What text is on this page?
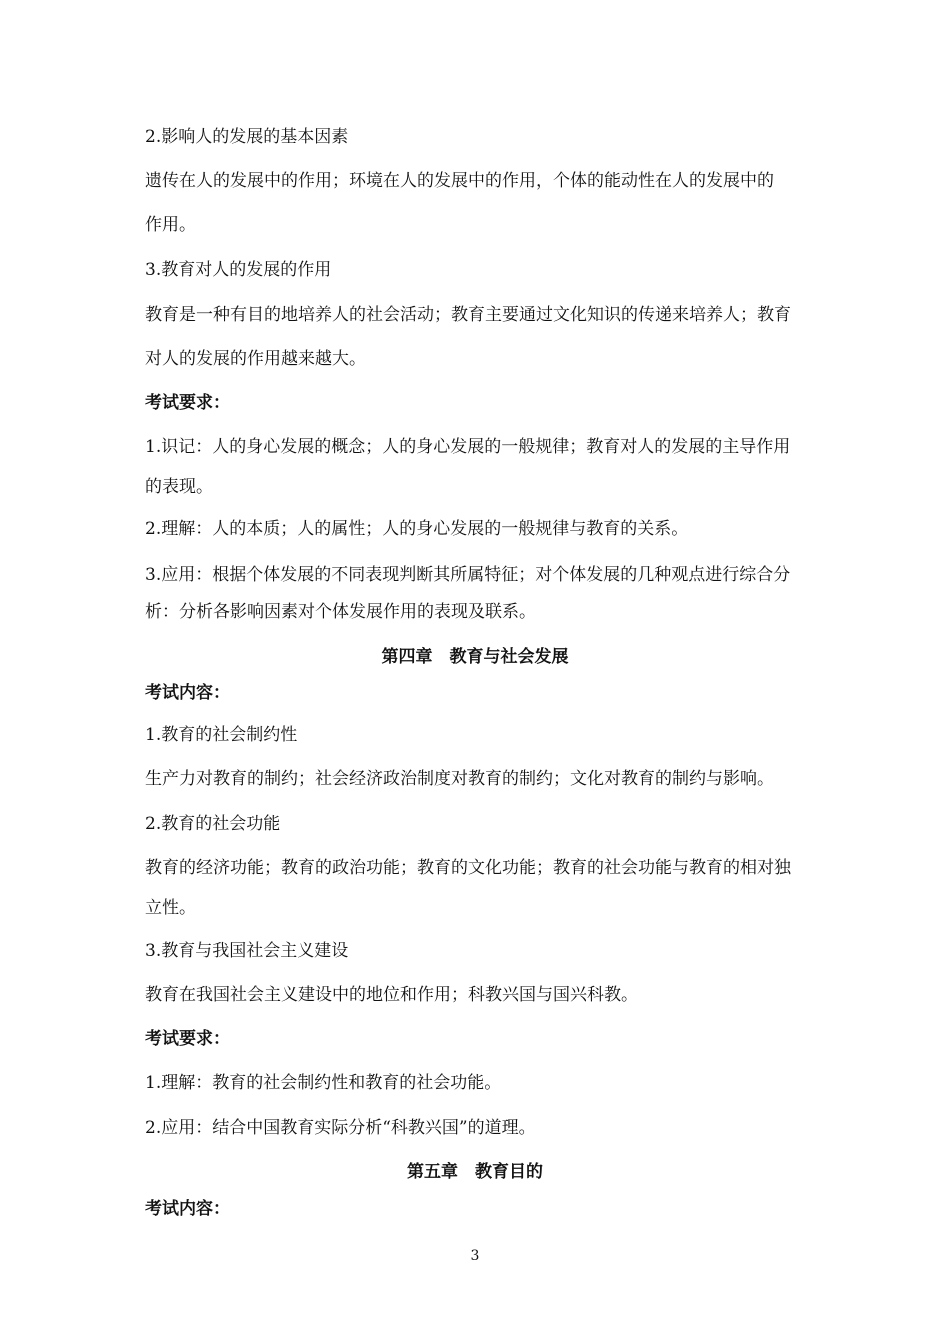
2.影响人的发展的基本因素
遗传在人的发展中的作用；环境在人的发展中的作用，个体的能动性在人的发展中的
作用。
3.教育对人的发展的作用
教育是一种有目的地培养人的社会活动；教育主要通过文化知识的传递来培养人；教育
对人的发展的作用越来越大。
考试要求：
1.识记：人的身心发展的概念；人的身心发展的一般规律；教育对人的发展的主导作用
的表现。
2.理解：人的本质；人的属性；人的身心发展的一般规律与教育的关系。
3.应用：根据个体发展的不同表现判断其所属特征；对个体发展的几种观点进行综合分
析：分析各影响因素对个体发展作用的表现及联系。
第四章　教育与社会发展
考试内容：
1.教育的社会制约性
生产力对教育的制约；社会经济政治制度对教育的制约；文化对教育的制约与影响。
2.教育的社会功能
教育的经济功能；教育的政治功能；教育的文化功能；教育的社会功能与教育的相对独
立性。
3.教育与我国社会主义建设
教育在我国社会主义建设中的地位和作用；科教兴国与国兴科教。
考试要求：
1.理解：教育的社会制约性和教育的社会功能。
2.应用：结合中国教育实际分析“科教兴国”的道理。
第五章　教育目的
考试内容：
3
